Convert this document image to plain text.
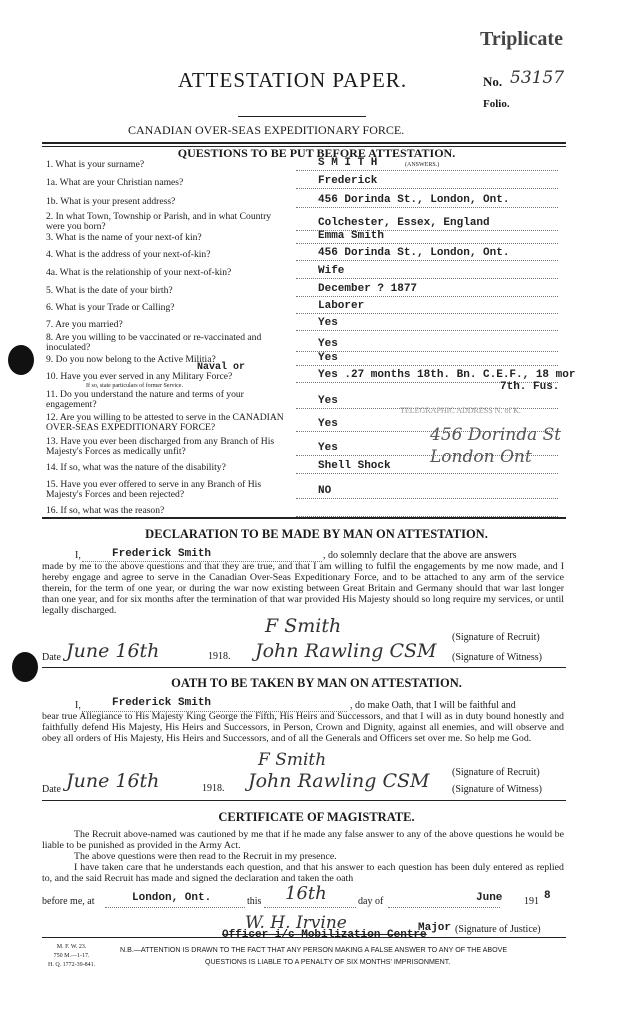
Triplicate
ATTESTATION PAPER.	No. 53157
Folio.
CANADIAN OVER-SEAS EXPEDITIONARY FORCE.
QUESTIONS TO BE PUT BEFORE ATTESTATION.
(ANSWERS.)
1. What is your surname?	S M I T H
1a. What are your Christian names?	Frederick
1b. What is your present address?	456 Dorinda St., London, Ont.
2. In what Town, Township or Parish, and in what Country were you born?	Colchester, Essex, England
3. What is the name of your next-of kin?	Emma Smith
4. What is the address of your next-of-kin?	456 Dorinda St., London, Ont.
4a. What is the relationship of your next-of-kin?	Wife
5. What is the date of your birth?	December ? 1877
6. What is your Trade or Calling?	Laborer
7. Are you married?	Yes
8. Are you willing to be vaccinated or re-vaccinated and inoculated?	Yes
9. Do you now belong to the Active Militia?	Yes
10. Have you ever served in any Military Force?	Yes .27 months 18th. Bn. C.E.F., 18 mor
11. Do you understand the nature and terms of your engagement?	Yes
12. Are you willing to be attested to serve in the CANADIAN OVER-SEAS EXPEDITIONARY FORCE?	Yes
13. Have you ever been discharged from any Branch of His Majesty's Forces as medically unfit?	Yes
14. If so, what was the nature of the disability?	Shell Shock
15. Have you ever offered to serve in any Branch of His Majesty's Forces and been rejected?	NO
16. If so, what was the reason?
Naval or
If so, state particulars of former Service.	7th. Fus.
TELEGRAPHIC ADDRESS N. of K.
456 Dorinda St London Ont
DECLARATION TO BE MADE BY MAN ON ATTESTATION.
I,	Frederick Smith	, do solemnly declare that the above are answers
made by me to the above questions and that they are true, and that I am willing to fulfil the engagements by me now made, and I hereby engage and agree to serve in the Canadian Over-Seas Expeditionary Force, and to be attached to any arm of the service therein, for the term of one year, or during the war now existing between Great Britain and Germany should that war last longer than one year, and for six months after the termination of that war provided His Majesty should so long require my services, or until legally discharged.
F Smith
(Signature of Recruit)
Date June 16th	1918. John Rawling CSM (Signature of Witness)
OATH TO BE TAKEN BY MAN ON ATTESTATION.
I,	Frederick Smith	, do make Oath, that I will be faithful and
bear true Allegiance to His Majesty King George the Fifth, His Heirs and Successors, and that I will as in duty bound honestly and faithfully defend His Majesty, His Heirs and Successors, in Person, Crown and Dignity, against all enemies, and will observe and obey all orders of His Majesty, His Heirs and Successors, and of all the Generals and Officers set over me. So help me God.
F Smith
(Signature of Recruit)
Date June 16th	1918. John Rawling CSM (Signature of Witness)
CERTIFICATE OF MAGISTRATE.
The Recruit above-named was cautioned by me that if he made any false answer to any of the above questions he would be liable to be punished as provided in the Army Act.
The above questions were then read to the Recruit in my presence.
I have taken care that he understands each question, and that his answer to each question has been duly entered as replied to, and the said Recruit has made and signed the declaration and taken the oath
before me, at	London, Ont.	this 16th	day of	June 191 8
W. H. Irvine	Major (Signature of Justice)
Officer i/c Mobilization Centre
M. F. W. 23.
750 M.—1-17.
H. Q. 1772-39-841.
N.B.—ATTENTION IS DRAWN TO THE FACT THAT ANY PERSON MAKING A FALSE ANSWER TO ANY OF THE ABOVE
QUESTIONS IS LIABLE TO A PENALTY OF SIX MONTHS' IMPRISONMENT.
